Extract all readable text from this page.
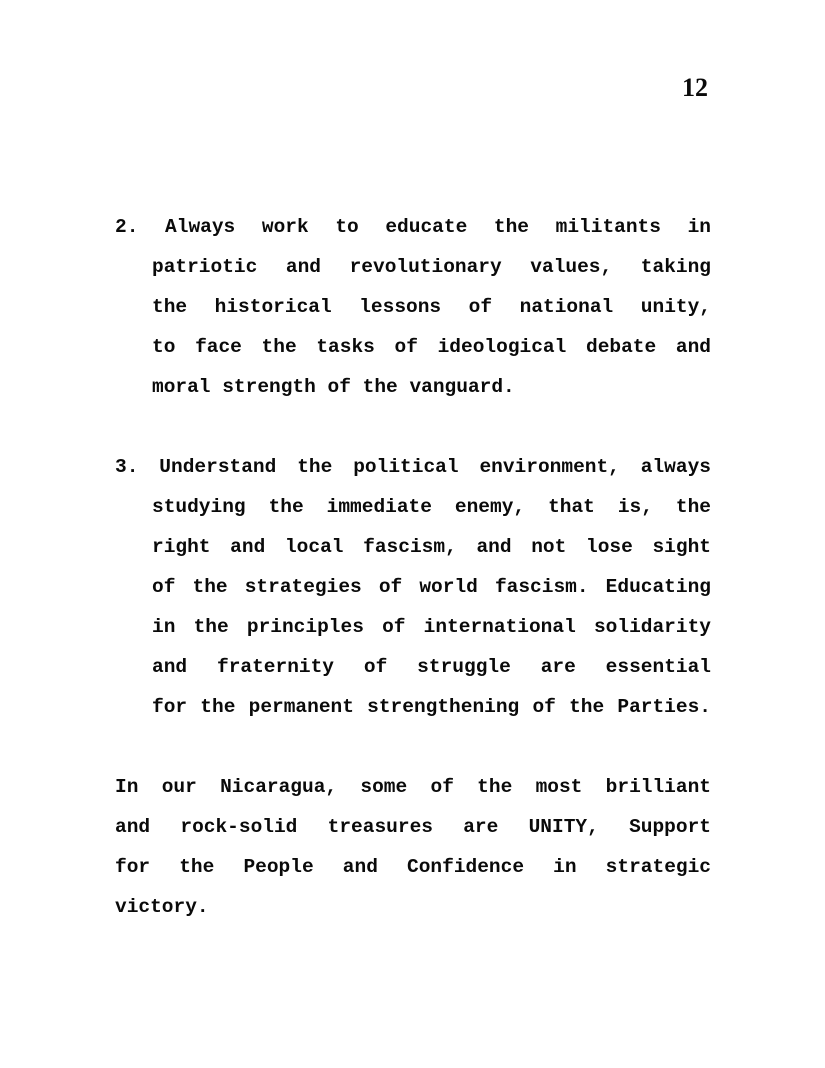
12
2. Always work to educate the militants in
patriotic and revolutionary values, taking
the historical lessons of national unity,
to face the tasks of ideological debate and
moral strength of the vanguard.
3. Understand the political environment, always
studying the immediate enemy, that is, the
right and local fascism, and not lose sight
of the strategies of world fascism. Educating
in the principles of international solidarity
and fraternity of struggle are essential
for the permanent strengthening of the Parties.
In our Nicaragua, some of the most brilliant
and rock-solid treasures are UNITY, Support
for the People and Confidence in strategic
victory.
